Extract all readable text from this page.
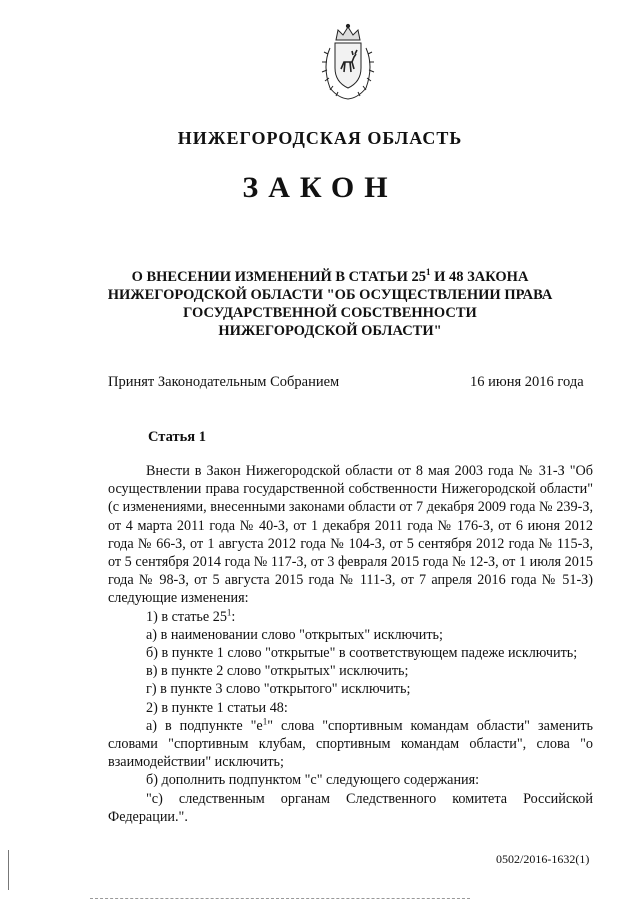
НИЖЕГОРОДСКАЯ ОБЛАСТЬ
ЗАКОН
О ВНЕСЕНИИ ИЗМЕНЕНИЙ В СТАТЬИ $25^1$ И 48 ЗАКОНА
НИЖЕГОРОДСКОЙ ОБЛАСТИ "ОБ ОСУЩЕСТВЛЕНИИ ПРАВА
ГОСУДАРСТВЕННОЙ СОБСТВЕННОСТИ
НИЖЕГОРОДСКОЙ ОБЛАСТИ"
Принят Законодательным Собранием	16 июня 2016 года
Статья 1

Внести в Закон Нижегородской области от 8 мая 2003 года № 31-З "Об осуществлении права государственной собственности Нижегородской области" (с изменениями, внесенными законами области от 7 декабря 2009 года № 239-З, от 4 марта 2011 года № 40-З, от 1 декабря 2011 года № 176-З, от 6 июня 2012 года № 66-З, от 1 августа 2012 года № 104-З, от 5 сентября 2012 года № 115-З, от 5 сентября 2014 года № 117-З, от 3 февраля 2015 года № 12-З, от 1 июля 2015 года № 98-З, от 5 августа 2015 года № 111-З, от 7 апреля 2016 года № 51-З) следующие изменения:

1) в статье $25^1$:

а) в наименовании слово "открытых" исключить;

б) в пункте 1 слово "открытые" в соответствующем падеже исключить;

в) в пункте 2 слово "открытых" исключить;

г) в пункте 3 слово "открытого" исключить;

2) в пункте 1 статьи 48:

а) в подпункте "$е^1$" слова "спортивным командам области" заменить словами "спортивным клубам, спортивным командам области", слова "о взаимодействии" исключить;

б) дополнить подпунктом "с" следующего содержания:

"с) следственным органам Следственного комитета Российской Федерации.".

0502/2016-1632(1)
